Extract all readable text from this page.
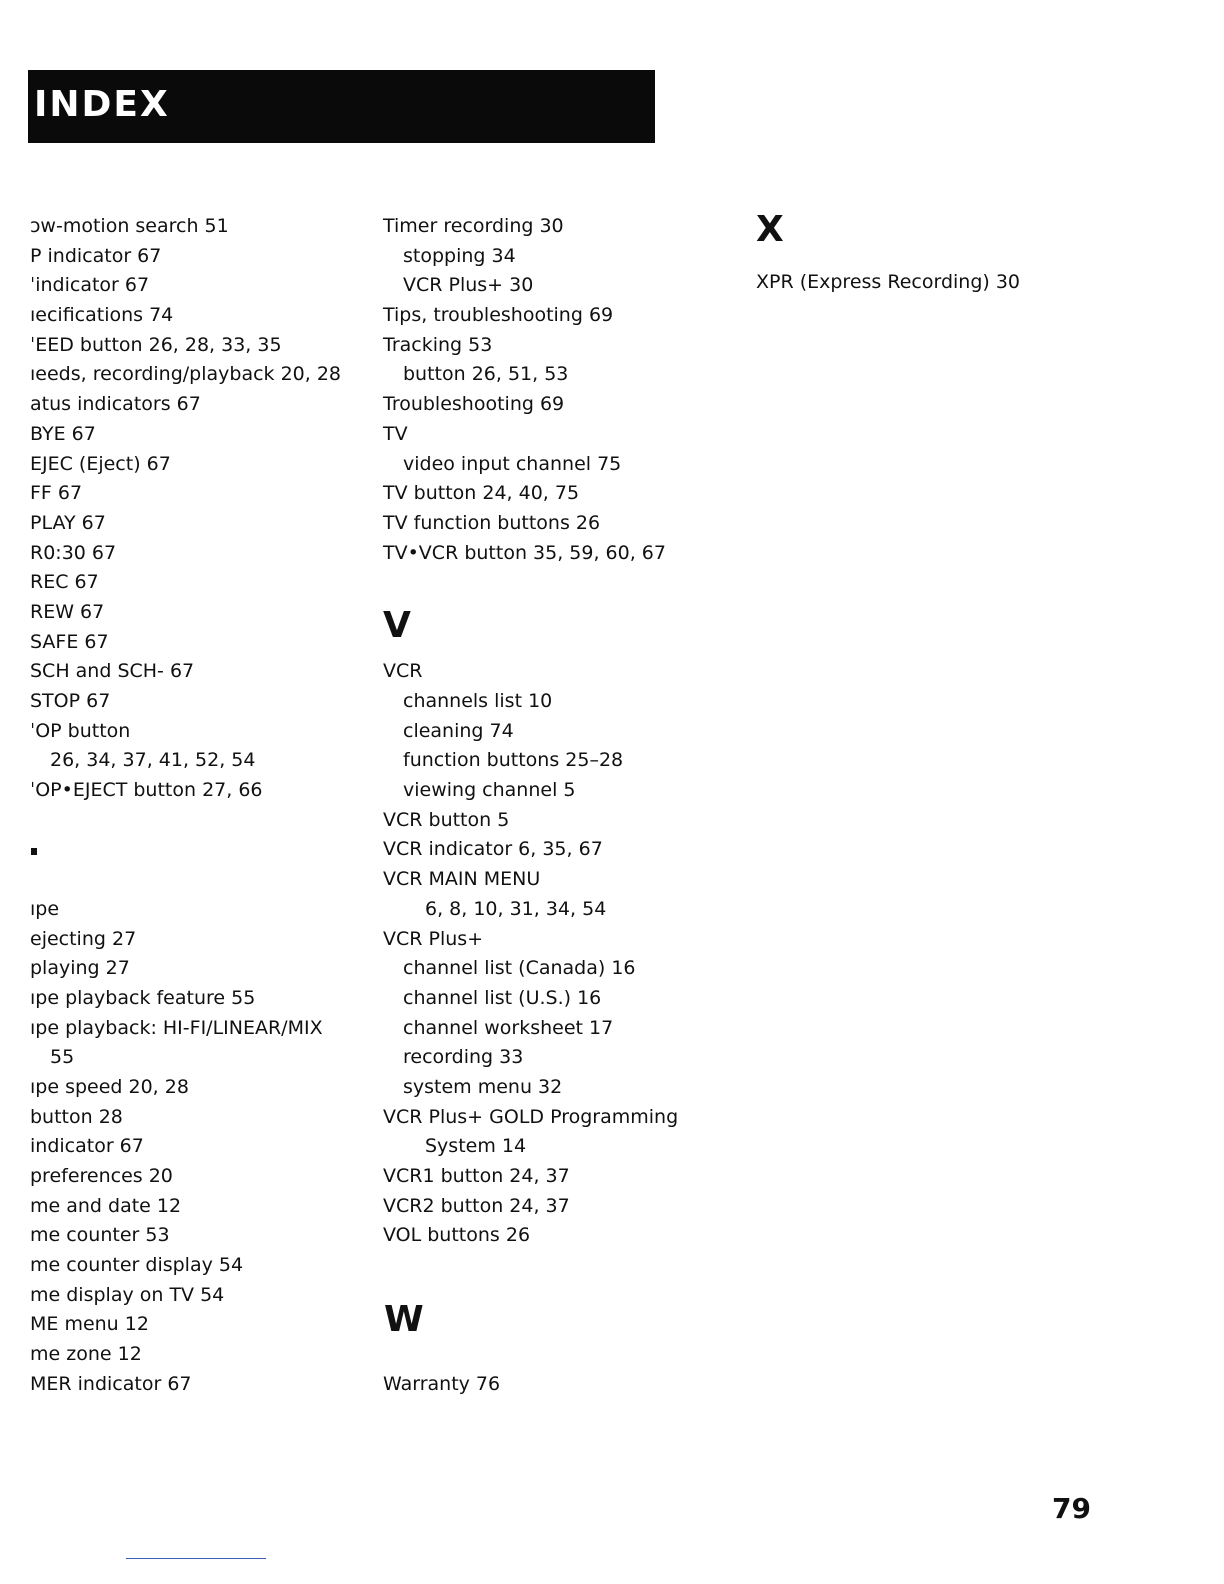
INDEX
ɔw-motion search 51
P indicator 67
ˈindicator 67
ıecifications 74
ˈEED button 26, 28, 33, 35
ıeeds, recording/playback 20, 28
atus indicators 67
BYE 67
EJEC (Eject) 67
FF 67
PLAY 67
R0:30 67
REC 67
REW 67
SAFE 67
SCH and SCH- 67
STOP 67
ˈOP button
26, 34, 37, 41, 52, 54
ˈOP•EJECT button 27, 66
ıpe
ejecting 27
playing 27
ıpe playback feature 55
ıpe playback: HI-FI/LINEAR/MIX
55
ıpe speed 20, 28
button 28
indicator 67
preferences 20
me and date 12
me counter 53
me counter display 54
me display on TV 54
ME menu 12
me zone 12
MER indicator 67
Timer recording 30
stopping 34
VCR Plus+ 30
Tips, troubleshooting 69
Tracking 53
button 26, 51, 53
Troubleshooting 69
TV
video input channel 75
TV button 24, 40, 75
TV function buttons 26
TV•VCR button 35, 59, 60, 67
VCR
channels list 10
cleaning 74
function buttons 25–28
viewing channel 5
VCR button 5
VCR indicator 6, 35, 67
VCR MAIN MENU
6, 8, 10, 31, 34, 54
VCR Plus+
channel list (Canada) 16
channel list (U.S.) 16
channel worksheet 17
recording 33
system menu 32
VCR Plus+ GOLD Programming
System 14
VCR1 button 24, 37
VCR2 button 24, 37
VOL buttons 26
Warranty 76
V
W
X
XPR (Express Recording) 30

79
